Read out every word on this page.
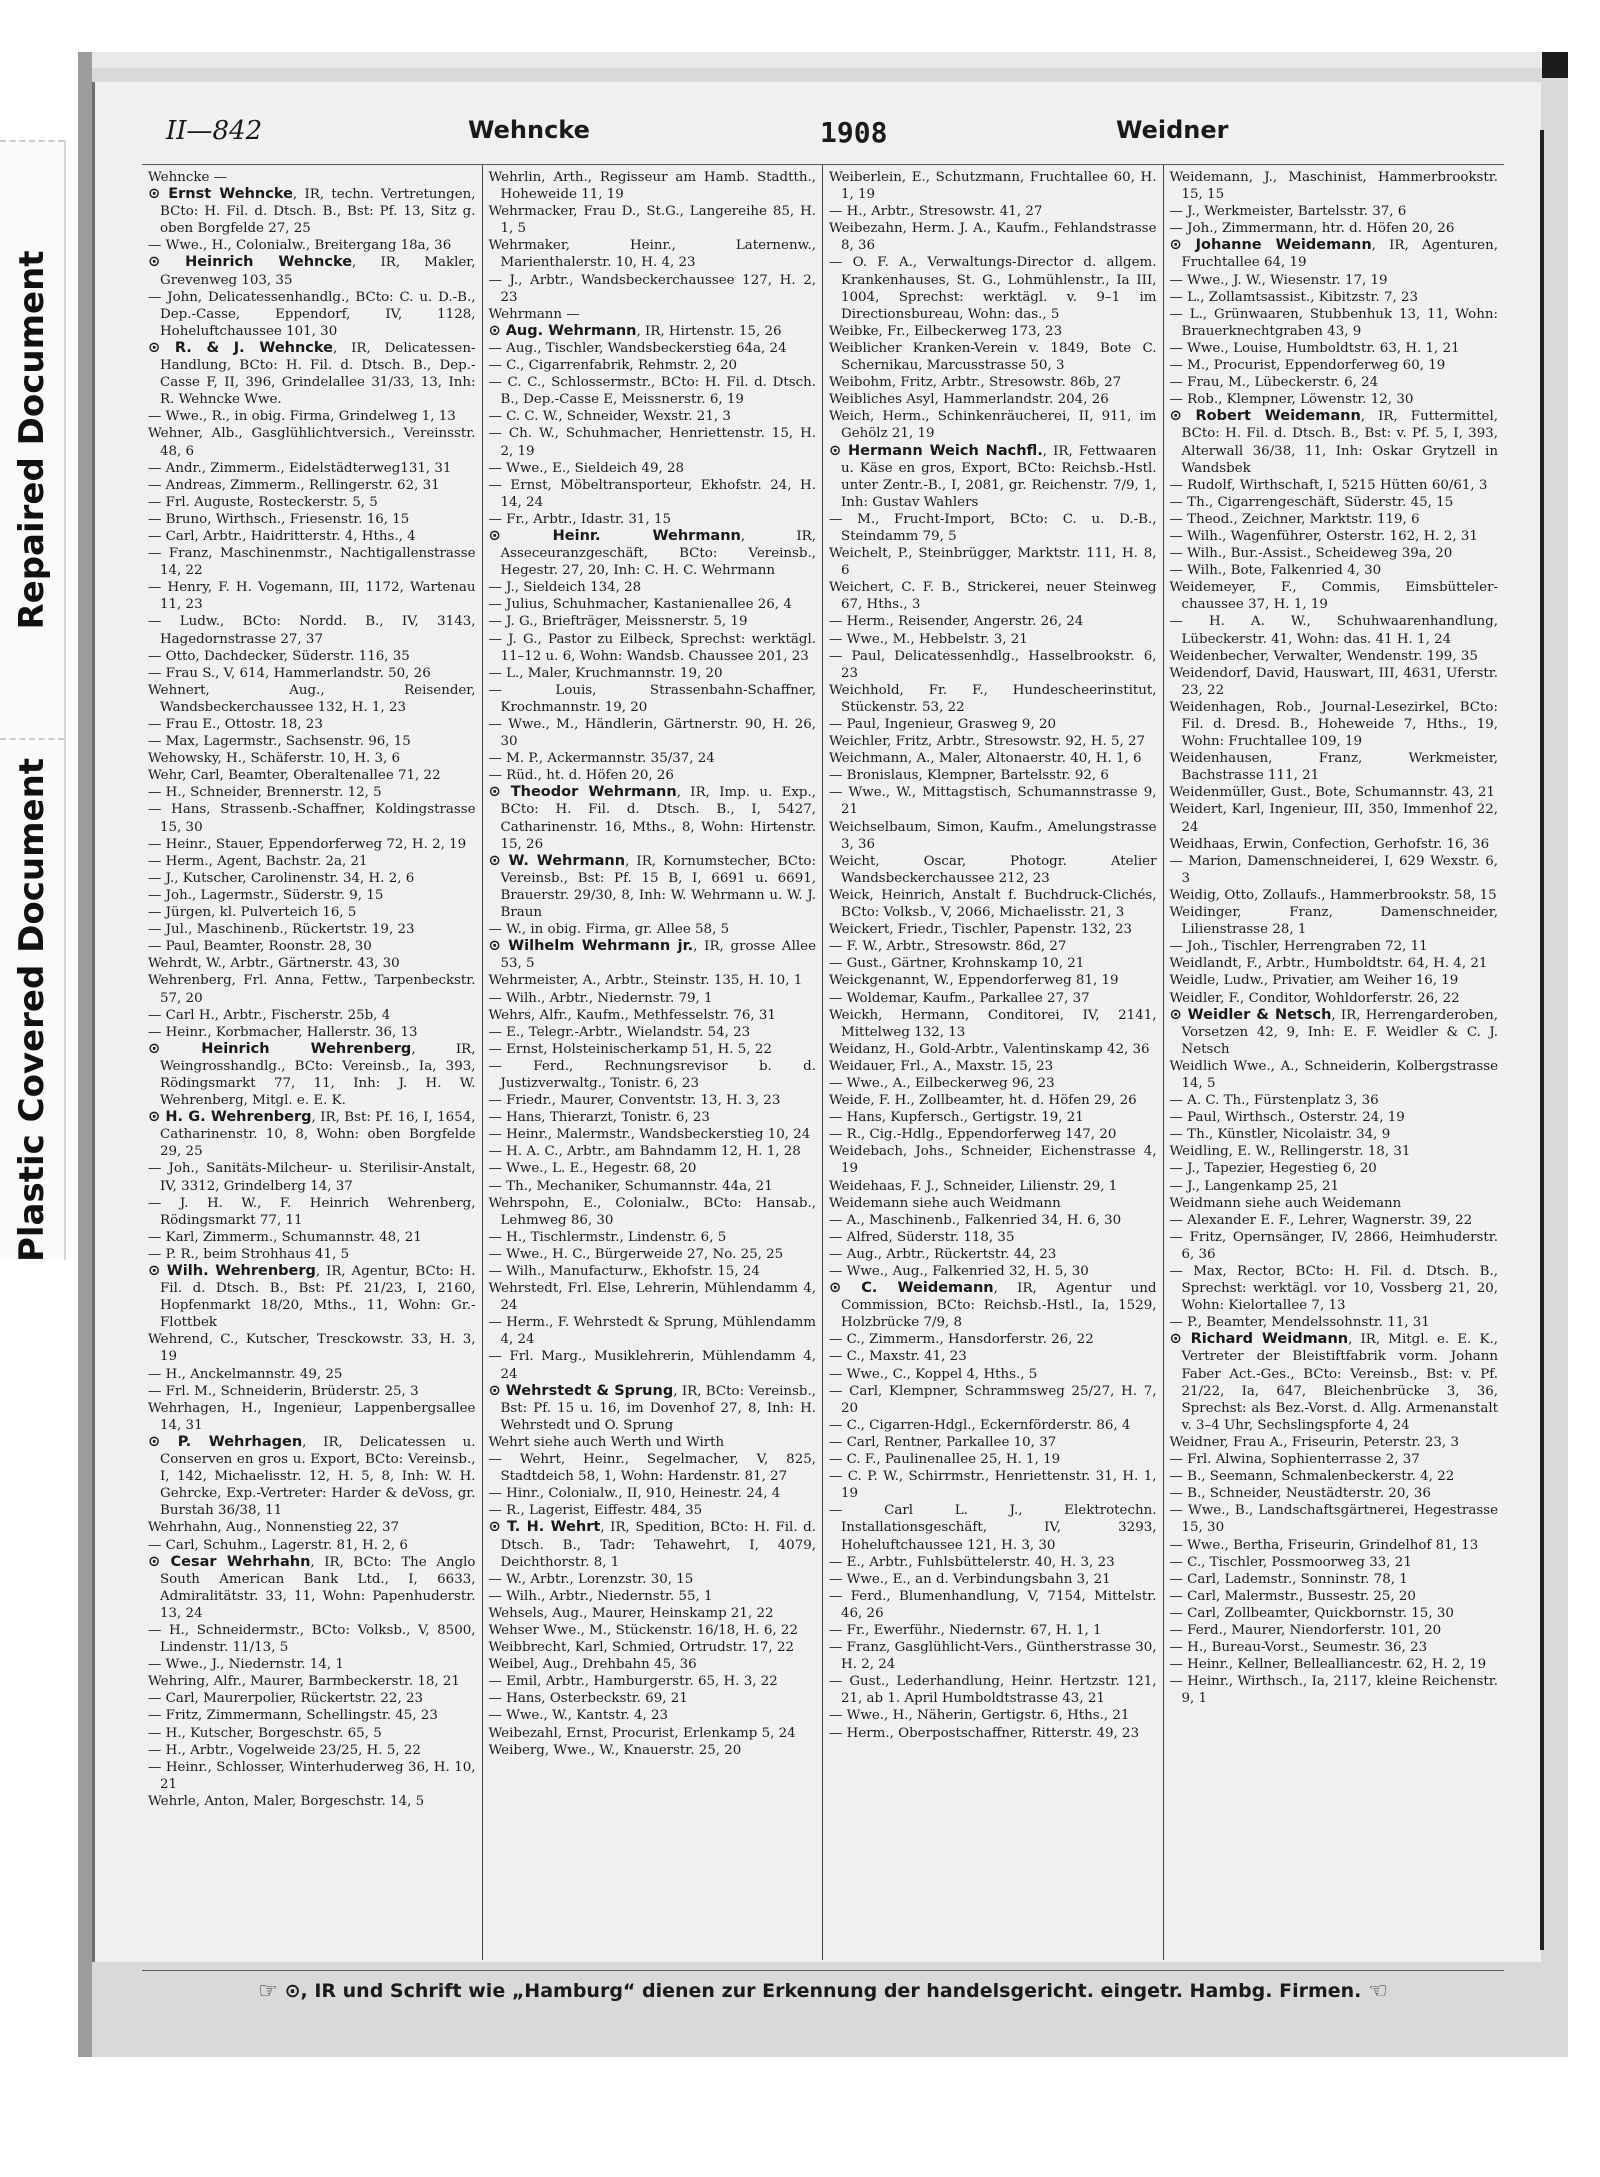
Repaired Document
Plastic Covered Document
II—842	Wehncke	1908	Weidner

Wehncke —

⊙ Ernst Wehncke, IR, techn. Vertretungen, BCto: H. Fil. d. Dtsch. B., Bst: Pf. 13, Sitz g. oben Borgfelde 27, 25

— Wwe., H., Colonialw., Breitergang 18a, 36

⊙ Heinrich Wehncke, IR, Makler, Grevenweg 103, 35

— John, Delicatessenhandlg., BCto: C. u. D.-B., Dep.-Casse, Eppendorf, IV, 1128, Hoheluftchaussee 101, 30

⊙ R. & J. Wehncke, IR, Delicatessen-Handlung, BCto: H. Fil. d. Dtsch. B., Dep.-Casse F, II, 396, Grindelallee 31/33, 13, Inh: R. Wehncke Wwe.

— Wwe., R., in obig. Firma, Grindelweg 1, 13

Wehner, Alb., Gasglühlichtversich., Vereinsstr. 48, 6

— Andr., Zimmerm., Eidelstädterweg131, 31

— Andreas, Zimmerm., Rellingerstr. 62, 31

— Frl. Auguste, Rosteckerstr. 5, 5

— Bruno, Wirthsch., Friesenstr. 16, 15

— Carl, Arbtr., Haidritterstr. 4, Hths., 4

— Franz, Maschinenmstr., Nachtigallenstrasse 14, 22

— Henry, F. H. Vogemann, III, 1172, Wartenau 11, 23

— Ludw., BCto: Nordd. B., IV, 3143, Hagedornstrasse 27, 37

— Otto, Dachdecker, Süderstr. 116, 35

— Frau S., V, 614, Hammerlandstr. 50, 26

Wehnert, Aug., Reisender, Wandsbeckerchaussee 132, H. 1, 23

— Frau E., Ottostr. 18, 23

— Max, Lagermstr., Sachsenstr. 96, 15

Wehowsky, H., Schäferstr. 10, H. 3, 6

Wehr, Carl, Beamter, Oberaltenallee 71, 22

— H., Schneider, Brennerstr. 12, 5

— Hans, Strassenb.-Schaffner, Koldingstrasse 15, 30

— Heinr., Stauer, Eppendorferweg 72, H. 2, 19

— Herm., Agent, Bachstr. 2a, 21

— J., Kutscher, Carolinenstr. 34, H. 2, 6

— Joh., Lagermstr., Süderstr. 9, 15

— Jürgen, kl. Pulverteich 16, 5

— Jul., Maschinenb., Rückertstr. 19, 23

— Paul, Beamter, Roonstr. 28, 30

Wehrdt, W., Arbtr., Gärtnerstr. 43, 30

Wehrenberg, Frl. Anna, Fettw., Tarpenbeckstr. 57, 20

— Carl H., Arbtr., Fischerstr. 25b, 4

— Heinr., Korbmacher, Hallerstr. 36, 13

⊙ Heinrich Wehrenberg, IR, Weingrosshandlg., BCto: Vereinsb., Ia, 393, Rödingsmarkt 77, 11, Inh: J. H. W. Wehrenberg, Mitgl. e. E. K.

⊙ H. G. Wehrenberg, IR, Bst: Pf. 16, I, 1654, Catharinenstr. 10, 8, Wohn: oben Borgfelde 29, 25

— Joh., Sanitäts-Milcheur- u. Sterilisir-Anstalt, IV, 3312, Grindelberg 14, 37

— J. H. W., F. Heinrich Wehrenberg, Rödingsmarkt 77, 11

— Karl, Zimmerm., Schumannstr. 48, 21

— P. R., beim Strohhaus 41, 5

⊙ Wilh. Wehrenberg, IR, Agentur, BCto: H. Fil. d. Dtsch. B., Bst: Pf. 21/23, I, 2160, Hopfenmarkt 18/20, Mths., 11, Wohn: Gr.-Flottbek

Wehrend, C., Kutscher, Tresckowstr. 33, H. 3, 19

— H., Anckelmannstr. 49, 25

— Frl. M., Schneiderin, Brüderstr. 25, 3

Wehrhagen, H., Ingenieur, Lappenbergsallee 14, 31

⊙ P. Wehrhagen, IR, Delicatessen u. Conserven en gros u. Export, BCto: Vereinsb., I, 142, Michaelisstr. 12, H. 5, 8, Inh: W. H. Gehrcke, Exp.-Vertreter: Harder & deVoss, gr. Burstah 36/38, 11

Wehrhahn, Aug., Nonnenstieg 22, 37

— Carl, Schuhm., Lagerstr. 81, H. 2, 6

⊙ Cesar Wehrhahn, IR, BCto: The Anglo South American Bank Ltd., I, 6633, Admiralitätstr. 33, 11, Wohn: Papenhuderstr. 13, 24

— H., Schneidermstr., BCto: Volksb., V, 8500, Lindenstr. 11/13, 5

— Wwe., J., Niedernstr. 14, 1

Wehring, Alfr., Maurer, Barmbeckerstr. 18, 21

— Carl, Maurerpolier, Rückertstr. 22, 23

— Fritz, Zimmermann, Schellingstr. 45, 23

— H., Kutscher, Borgeschstr. 65, 5

— H., Arbtr., Vogelweide 23/25, H. 5, 22

— Heinr., Schlosser, Winterhuderweg 36, H. 10, 21

Wehrle, Anton, Maler, Borgeschstr. 14, 5

Wehrlin, Arth., Regisseur am Hamb. Stadtth., Hoheweide 11, 19

Wehrmacker, Frau D., St.G., Langereihe 85, H. 1, 5

Wehrmaker, Heinr., Laternenw., Marienthalerstr. 10, H. 4, 23

— J., Arbtr., Wandsbeckerchaussee 127, H. 2, 23

Wehrmann —

⊙ Aug. Wehrmann, IR, Hirtenstr. 15, 26

— Aug., Tischler, Wandsbeckerstieg 64a, 24

— C., Cigarrenfabrik, Rehmstr. 2, 20

— C. C., Schlossermstr., BCto: H. Fil. d. Dtsch. B., Dep.-Casse E, Meissnerstr. 6, 19

— C. C. W., Schneider, Wexstr. 21, 3

— Ch. W., Schuhmacher, Henriettenstr. 15, H. 2, 19

— Wwe., E., Sieldeich 49, 28

— Ernst, Möbeltransporteur, Ekhofstr. 24, H. 14, 24

— Fr., Arbtr., Idastr. 31, 15

⊙ Heinr. Wehrmann, IR, Asseceuranzgeschäft, BCto: Vereinsb., Hegestr. 27, 20, Inh: C. H. C. Wehrmann

— J., Sieldeich 134, 28

— Julius, Schuhmacher, Kastanienallee 26, 4

— J. G., Briefträger, Meissnerstr. 5, 19

— J. G., Pastor zu Eilbeck, Sprechst: werktägl. 11–12 u. 6, Wohn: Wandsb. Chaussee 201, 23

— L., Maler, Kruchmannstr. 19, 20

— Louis, Strassenbahn-Schaffner, Krochmannstr. 19, 20

— Wwe., M., Händlerin, Gärtnerstr. 90, H. 26, 30

— M. P., Ackermannstr. 35/37, 24

— Rüd., ht. d. Höfen 20, 26

⊙ Theodor Wehrmann, IR, Imp. u. Exp., BCto: H. Fil. d. Dtsch. B., I, 5427, Catharinenstr. 16, Mths., 8, Wohn: Hirtenstr. 15, 26

⊙ W. Wehrmann, IR, Kornumstecher, BCto: Vereinsb., Bst: Pf. 15 B, I, 6691 u. 6691, Brauerstr. 29/30, 8, Inh: W. Wehrmann u. W. J. Braun

— W., in obig. Firma, gr. Allee 58, 5

⊙ Wilhelm Wehrmann jr., IR, grosse Allee 53, 5

Wehrmeister, A., Arbtr., Steinstr. 135, H. 10, 1

— Wilh., Arbtr., Niedernstr. 79, 1

Wehrs, Alfr., Kaufm., Methfesselstr. 76, 31

— E., Telegr.-Arbtr., Wielandstr. 54, 23

— Ernst, Holsteinischerkamp 51, H. 5, 22

— Ferd., Rechnungsrevisor b. d. Justizverwaltg., Tonistr. 6, 23

— Friedr., Maurer, Conventstr. 13, H. 3, 23

— Hans, Thierarzt, Tonistr. 6, 23

— Heinr., Malermstr., Wandsbeckerstieg 10, 24

— H. A. C., Arbtr., am Bahndamm 12, H. 1, 28

— Wwe., L. E., Hegestr. 68, 20

— Th., Mechaniker, Schumannstr. 44a, 21

Wehrspohn, E., Colonialw., BCto: Hansab., Lehmweg 86, 30

— H., Tischlermstr., Lindenstr. 6, 5

— Wwe., H. C., Bürgerweide 27, No. 25, 25

— Wilh., Manufacturw., Ekhofstr. 15, 24

Wehrstedt, Frl. Else, Lehrerin, Mühlendamm 4, 24

— Herm., F. Wehrstedt & Sprung, Mühlendamm 4, 24

— Frl. Marg., Musiklehrerin, Mühlendamm 4, 24

⊙ Wehrstedt & Sprung, IR, BCto: Vereinsb., Bst: Pf. 15 u. 16, im Dovenhof 27, 8, Inh: H. Wehrstedt und O. Sprung

Wehrt siehe auch Werth und Wirth

— Wehrt, Heinr., Segelmacher, V, 825, Stadtdeich 58, 1, Wohn: Hardenstr. 81, 27

— Hinr., Colonialw., II, 910, Heinestr. 24, 4

— R., Lagerist, Eiffestr. 484, 35

⊙ T. H. Wehrt, IR, Spedition, BCto: H. Fil. d. Dtsch. B., Tadr: Tehawehrt, I, 4079, Deichthorstr. 8, 1

— W., Arbtr., Lorenzstr. 30, 15

— Wilh., Arbtr., Niedernstr. 55, 1

Wehsels, Aug., Maurer, Heinskamp 21, 22

Wehser Wwe., M., Stückenstr. 16/18, H. 6, 22

Weibbrecht, Karl, Schmied, Ortrudstr. 17, 22

Weibel, Aug., Drehbahn 45, 36

— Emil, Arbtr., Hamburgerstr. 65, H. 3, 22

— Hans, Osterbeckstr. 69, 21

— Wwe., W., Kantstr. 4, 23

Weibezahl, Ernst, Procurist, Erlenkamp 5, 24

Weiberg, Wwe., W., Knauerstr. 25, 20

Weiberlein, E., Schutzmann, Fruchtallee 60, H. 1, 19

— H., Arbtr., Stresowstr. 41, 27

Weibezahn, Herm. J. A., Kaufm., Fehlandstrasse 8, 36

— O. F. A., Verwaltungs-Director d. allgem. Krankenhauses, St. G., Lohmühlenstr., Ia III, 1004, Sprechst: werktägl. v. 9–1 im Directionsbureau, Wohn: das., 5

Weibke, Fr., Eilbeckerweg 173, 23

Weiblicher Kranken-Verein v. 1849, Bote C. Schernikau, Marcusstrasse 50, 3

Weibohm, Fritz, Arbtr., Stresowstr. 86b, 27

Weibliches Asyl, Hammerlandstr. 204, 26

Weich, Herm., Schinkenräucherei, II, 911, im Gehölz 21, 19

⊙ Hermann Weich Nachfl., IR, Fettwaaren u. Käse en gros, Export, BCto: Reichsb.-Hstl. unter Zentr.-B., I, 2081, gr. Reichenstr. 7/9, 1, Inh: Gustav Wahlers

— M., Frucht-Import, BCto: C. u. D.-B., Steindamm 79, 5

Weichelt, P., Steinbrügger, Marktstr. 111, H. 8, 6

Weichert, C. F. B., Strickerei, neuer Steinweg 67, Hths., 3

— Herm., Reisender, Angerstr. 26, 24

— Wwe., M., Hebbelstr. 3, 21

— Paul, Delicatessenhdlg., Hasselbrookstr. 6, 23

Weichhold, Fr. F., Hundescheerinstitut, Stückenstr. 53, 22

— Paul, Ingenieur, Grasweg 9, 20

Weichler, Fritz, Arbtr., Stresowstr. 92, H. 5, 27

Weichmann, A., Maler, Altonaerstr. 40, H. 1, 6

— Bronislaus, Klempner, Bartelsstr. 92, 6

— Wwe., W., Mittagstisch, Schumannstrasse 9, 21

Weichselbaum, Simon, Kaufm., Amelungstrasse 3, 36

Weicht, Oscar, Photogr. Atelier Wandsbeckerchaussee 212, 23

Weick, Heinrich, Anstalt f. Buchdruck-Clichés, BCto: Volksb., V, 2066, Michaelisstr. 21, 3

Weickert, Friedr., Tischler, Papenstr. 132, 23

— F. W., Arbtr., Stresowstr. 86d, 27

— Gust., Gärtner, Krohnskamp 10, 21

Weickgenannt, W., Eppendorferweg 81, 19

— Woldemar, Kaufm., Parkallee 27, 37

Weickh, Hermann, Conditorei, IV, 2141, Mittelweg 132, 13

Weidanz, H., Gold-Arbtr., Valentinskamp 42, 36

Weidauer, Frl., A., Maxstr. 15, 23

— Wwe., A., Eilbeckerweg 96, 23

Weide, F. H., Zollbeamter, ht. d. Höfen 29, 26

— Hans, Kupfersch., Gertigstr. 19, 21

— R., Cig.-Hdlg., Eppendorferweg 147, 20

Weidebach, Johs., Schneider, Eichenstrasse 4, 19

Weidehaas, F. J., Schneider, Lilienstr. 29, 1

Weidemann siehe auch Weidmann

— A., Maschinenb., Falkenried 34, H. 6, 30

— Alfred, Süderstr. 118, 35

— Aug., Arbtr., Rückertstr. 44, 23

— Wwe., Aug., Falkenried 32, H. 5, 30

⊙ C. Weidemann, IR, Agentur und Commission, BCto: Reichsb.-Hstl., Ia, 1529, Holzbrücke 7/9, 8

— C., Zimmerm., Hansdorferstr. 26, 22

— C., Maxstr. 41, 23

— Wwe., C., Koppel 4, Hths., 5

— Carl, Klempner, Schrammsweg 25/27, H. 7, 20

— C., Cigarren-Hdgl., Eckernförderstr. 86, 4

— Carl, Rentner, Parkallee 10, 37

— C. F., Paulinenallee 25, H. 1, 19

— C. P. W., Schirrmstr., Henriettenstr. 31, H. 1, 19

— Carl L. J., Elektrotechn. Installationsgeschäft, IV, 3293, Hoheluftchaussee 121, H. 3, 30

— E., Arbtr., Fuhlsbüttelerstr. 40, H. 3, 23

— Wwe., E., an d. Verbindungsbahn 3, 21

— Ferd., Blumenhandlung, V, 7154, Mittelstr. 46, 26

— Fr., Ewerführ., Niedernstr. 67, H. 1, 1

— Franz, Gasglühlicht-Vers., Güntherstrasse 30, H. 2, 24

— Gust., Lederhandlung, Heinr. Hertzstr. 121, 21, ab 1. April Humboldtstrasse 43, 21

— Wwe., H., Näherin, Gertigstr. 6, Hths., 21

— Herm., Oberpostschaffner, Ritterstr. 49, 23

Weidemann, J., Maschinist, Hammerbrookstr. 15, 15

— J., Werkmeister, Bartelsstr. 37, 6

— Joh., Zimmermann, htr. d. Höfen 20, 26

⊙ Johanne Weidemann, IR, Agenturen, Fruchtallee 64, 19

— Wwe., J. W., Wiesenstr. 17, 19

— L., Zollamtsassist., Kibitzstr. 7, 23

— L., Grünwaaren, Stubbenhuk 13, 11, Wohn: Brauerknechtgraben 43, 9

— Wwe., Louise, Humboldtstr. 63, H. 1, 21

— M., Procurist, Eppendorferweg 60, 19

— Frau, M., Lübeckerstr. 6, 24

— Rob., Klempner, Löwenstr. 12, 30

⊙ Robert Weidemann, IR, Futtermittel, BCto: H. Fil. d. Dtsch. B., Bst: v. Pf. 5, I, 393, Alterwall 36/38, 11, Inh: Oskar Grytzell in Wandsbek

— Rudolf, Wirthschaft, I, 5215 Hütten 60/61, 3

— Th., Cigarrengeschäft, Süderstr. 45, 15

— Theod., Zeichner, Marktstr. 119, 6

— Wilh., Wagenführer, Osterstr. 162, H. 2, 31

— Wilh., Bur.-Assist., Scheideweg 39a, 20

— Wilh., Bote, Falkenried 4, 30

Weidemeyer, F., Commis, Eimsbütteler-chaussee 37, H. 1, 19

— H. A. W., Schuhwaarenhandlung, Lübeckerstr. 41, Wohn: das. 41 H. 1, 24

Weidenbecher, Verwalter, Wendenstr. 199, 35

Weidendorf, David, Hauswart, III, 4631, Uferstr. 23, 22

Weidenhagen, Rob., Journal-Lesezirkel, BCto: Fil. d. Dresd. B., Hoheweide 7, Hths., 19, Wohn: Fruchtallee 109, 19

Weidenhausen, Franz, Werkmeister, Bachstrasse 111, 21

Weidenmüller, Gust., Bote, Schumannstr. 43, 21

Weidert, Karl, Ingenieur, III, 350, Immenhof 22, 24

Weidhaas, Erwin, Confection, Gerhofstr. 16, 36

— Marion, Damenschneiderei, I, 629 Wexstr. 6, 3

Weidig, Otto, Zollaufs., Hammerbrookstr. 58, 15

Weidinger, Franz, Damenschneider, Lilienstrasse 28, 1

— Joh., Tischler, Herrengraben 72, 11

Weidlandt, F., Arbtr., Humboldtstr. 64, H. 4, 21

Weidle, Ludw., Privatier, am Weiher 16, 19

Weidler, F., Conditor, Wohldorferstr. 26, 22

⊙ Weidler & Netsch, IR, Herrengarderoben, Vorsetzen 42, 9, Inh: E. F. Weidler & C. J. Netsch

Weidlich Wwe., A., Schneiderin, Kolbergstrasse 14, 5

— A. C. Th., Fürstenplatz 3, 36

— Paul, Wirthsch., Osterstr. 24, 19

— Th., Künstler, Nicolaistr. 34, 9

Weidling, E. W., Rellingerstr. 18, 31

— J., Tapezier, Hegestieg 6, 20

— J., Langenkamp 25, 21

Weidmann siehe auch Weidemann

— Alexander E. F., Lehrer, Wagnerstr. 39, 22

— Fritz, Opernsänger, IV, 2866, Heimhuderstr. 6, 36

— Max, Rector, BCto: H. Fil. d. Dtsch. B., Sprechst: werktägl. vor 10, Vossberg 21, 20, Wohn: Kielortallee 7, 13

— P., Beamter, Mendelssohnstr. 11, 31

⊙ Richard Weidmann, IR, Mitgl. e. E. K., Vertreter der Bleistiftfabrik vorm. Johann Faber Act.-Ges., BCto: Vereinsb., Bst: v. Pf. 21/22, Ia, 647, Bleichenbrücke 3, 36, Sprechst: als Bez.-Vorst. d. Allg. Armenanstalt v. 3–4 Uhr, Sechslingspforte 4, 24

Weidner, Frau A., Friseurin, Peterstr. 23, 3

— Frl. Alwina, Sophienterrasse 2, 37

— B., Seemann, Schmalenbeckerstr. 4, 22

— B., Schneider, Neustädterstr. 20, 36

— Wwe., B., Landschaftsgärtnerei, Hegestrasse 15, 30

— Wwe., Bertha, Friseurin, Grindelhof 81, 13

— C., Tischler, Possmoorweg 33, 21

— Carl, Lademstr., Sonninstr. 78, 1

— Carl, Malermstr., Bussestr. 25, 20

— Carl, Zollbeamter, Quickbornstr. 15, 30

— Ferd., Maurer, Niendorferstr. 101, 20

— H., Bureau-Vorst., Seumestr. 36, 23

— Heinr., Kellner, Bellealliancestr. 62, H. 2, 19

— Heinr., Wirthsch., Ia, 2117, kleine Reichenstr. 9, 1

☞ ⊙, IR und Schrift wie „Hamburg“ dienen zur Erkennung der handelsgericht. eingetr. Hambg. Firmen. ☜
